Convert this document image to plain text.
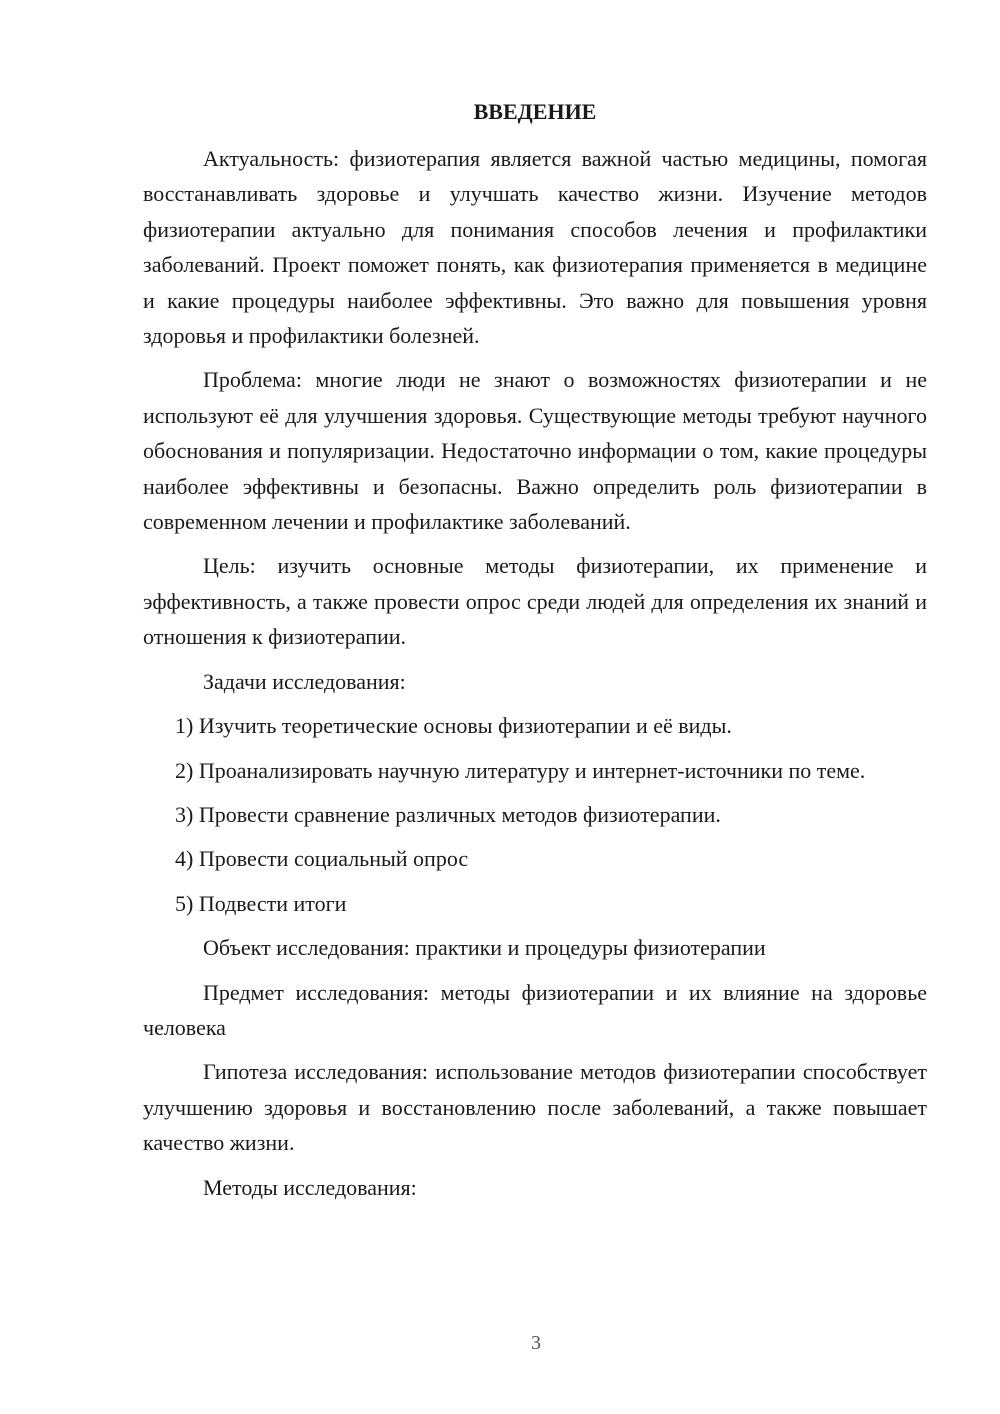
ВВЕДЕНИЕ

Актуальность: физиотерапия является важной частью медицины, помогая восстанавливать здоровье и улучшать качество жизни. Изучение методов физиотерапии актуально для понимания способов лечения и профилактики заболеваний. Проект поможет понять, как физиотерапия применяется в медицине и какие процедуры наиболее эффективны. Это важно для повышения уровня здоровья и профилактики болезней.

Проблема: многие люди не знают о возможностях физиотерапии и не используют её для улучшения здоровья. Существующие методы требуют научного обоснования и популяризации. Недостаточно информации о том, какие процедуры наиболее эффективны и безопасны. Важно определить роль физиотерапии в современном лечении и профилактике заболеваний.

Цель: изучить основные методы физиотерапии, их применение и эффективность, а также провести опрос среди людей для определения их знаний и отношения к физиотерапии.

Задачи исследования:

1) Изучить теоретические основы физиотерапии и её виды.

2) Проанализировать научную литературу и интернет-источники по теме.

3) Провести сравнение различных методов физиотерапии.

4) Провести социальный опрос

5) Подвести итоги

Объект исследования: практики и процедуры физиотерапии

Предмет исследования: методы физиотерапии и их влияние на здоровье человека

Гипотеза исследования: использование методов физиотерапии способствует улучшению здоровья и восстановлению после заболеваний, а также повышает качество жизни.

Методы исследования:

3
